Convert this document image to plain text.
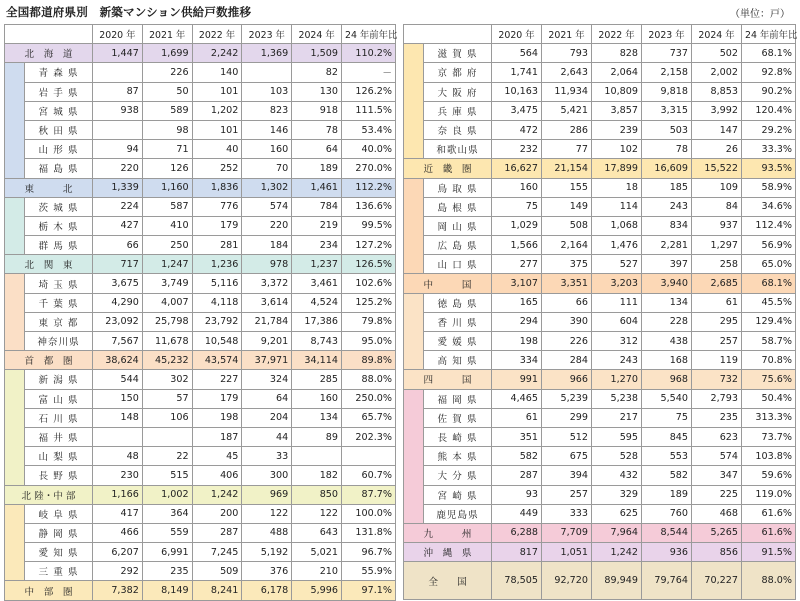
全国都道府県別　新築マンション供給戸数推移	（単位：戸）
		2020 年	2021 年	2022 年	2023 年	2024 年	24 年前年比

北　海　道		1,447	1,699	2,242	1,369	1,509	110.2%
	青 森 県		226	140		82	－
	岩 手 県	87	50	101	103	130	126.2%
	宮 城 県	938	589	1,202	823	918	111.5%
	秋 田 県		98	101	146	78	53.4%
	山 形 県	94	71	40	160	64	40.0%
	福 島 県	220	126	252	70	189	270.0%

東　　　北		1,339	1,160	1,836	1,302	1,461	112.2%
	茨 城 県	224	587	776	574	784	136.6%
	栃 木 県	427	410	179	220	219	99.5%
	群 馬 県	66	250	281	184	234	127.2%

北　関　東		717	1,247	1,236	978	1,237	126.5%
	埼 玉 県	3,675	3,749	5,116	3,372	3,461	102.6%
	千 葉 県	4,290	4,007	4,118	3,614	4,524	125.2%
	東 京 都	23,092	25,798	23,792	21,784	17,386	79.8%
	神奈川県	7,567	11,678	10,548	9,201	8,743	95.0%

首　都　圏		38,624	45,232	43,574	37,971	34,114	89.8%
	新 潟 県	544	302	227	324	285	88.0%
	富 山 県	150	57	179	64	160	250.0%
	石 川 県	148	106	198	204	134	65.7%
	福 井 県			187	44	89	202.3%
	山 梨 県	48	22	45	33		
	長 野 県	230	515	406	300	182	60.7%

北 陸・中 部		1,166	1,002	1,242	969	850	87.7%
	岐 阜 県	417	364	200	122	122	100.0%
	静 岡 県	466	559	287	488	643	131.8%
	愛 知 県	6,207	6,991	7,245	5,192	5,021	96.7%
	三 重 県	292	235	509	376	210	55.9%

中　部　圏		7,382	8,149	8,241	6,178	5,996	97.1%
		2020 年	2021 年	2022 年	2023 年	2024 年	24 年前年比
	滋 賀 県	564	793	828	737	502	68.1%
	京 都 府	1,741	2,643	2,064	2,158	2,002	92.8%
	大 阪 府	10,163	11,934	10,809	9,818	8,853	90.2%
	兵 庫 県	3,475	5,421	3,857	3,315	3,992	120.4%
	奈 良 県	472	286	239	503	147	29.2%
	和歌山県	232	77	102	78	26	33.3%

近　畿　圏		16,627	21,154	17,899	16,609	15,522	93.5%
	鳥 取 県	160	155	18	185	109	58.9%
	島 根 県	75	149	114	243	84	34.6%
	岡 山 県	1,029	508	1,068	834	937	112.4%
	広 島 県	1,566	2,164	1,476	2,281	1,297	56.9%
	山 口 県	277	375	527	397	258	65.0%

中　　　国		3,107	3,351	3,203	3,940	2,685	68.1%
	徳 島 県	165	66	111	134	61	45.5%
	香 川 県	294	390	604	228	295	129.4%
	愛 媛 県	198	226	312	438	257	58.7%
	高 知 県	334	284	243	168	119	70.8%

四　　　国		991	966	1,270	968	732	75.6%
	福 岡 県	4,465	5,239	5,238	5,540	2,793	50.4%
	佐 賀 県	61	299	217	75	235	313.3%
	長 崎 県	351	512	595	845	623	73.7%
	熊 本 県	582	675	528	553	574	103.8%
	大 分 県	287	394	432	582	347	59.6%
	宮 崎 県	93	257	329	189	225	119.0%
	鹿児島県	449	333	625	760	468	61.6%

九　　　州		6,288	7,709	7,964	8,544	5,265	61.6%

沖　縄　県		817	1,051	1,242	936	856	91.5%

全　　国		78,505	92,720	89,949	79,764	70,227	88.0%
